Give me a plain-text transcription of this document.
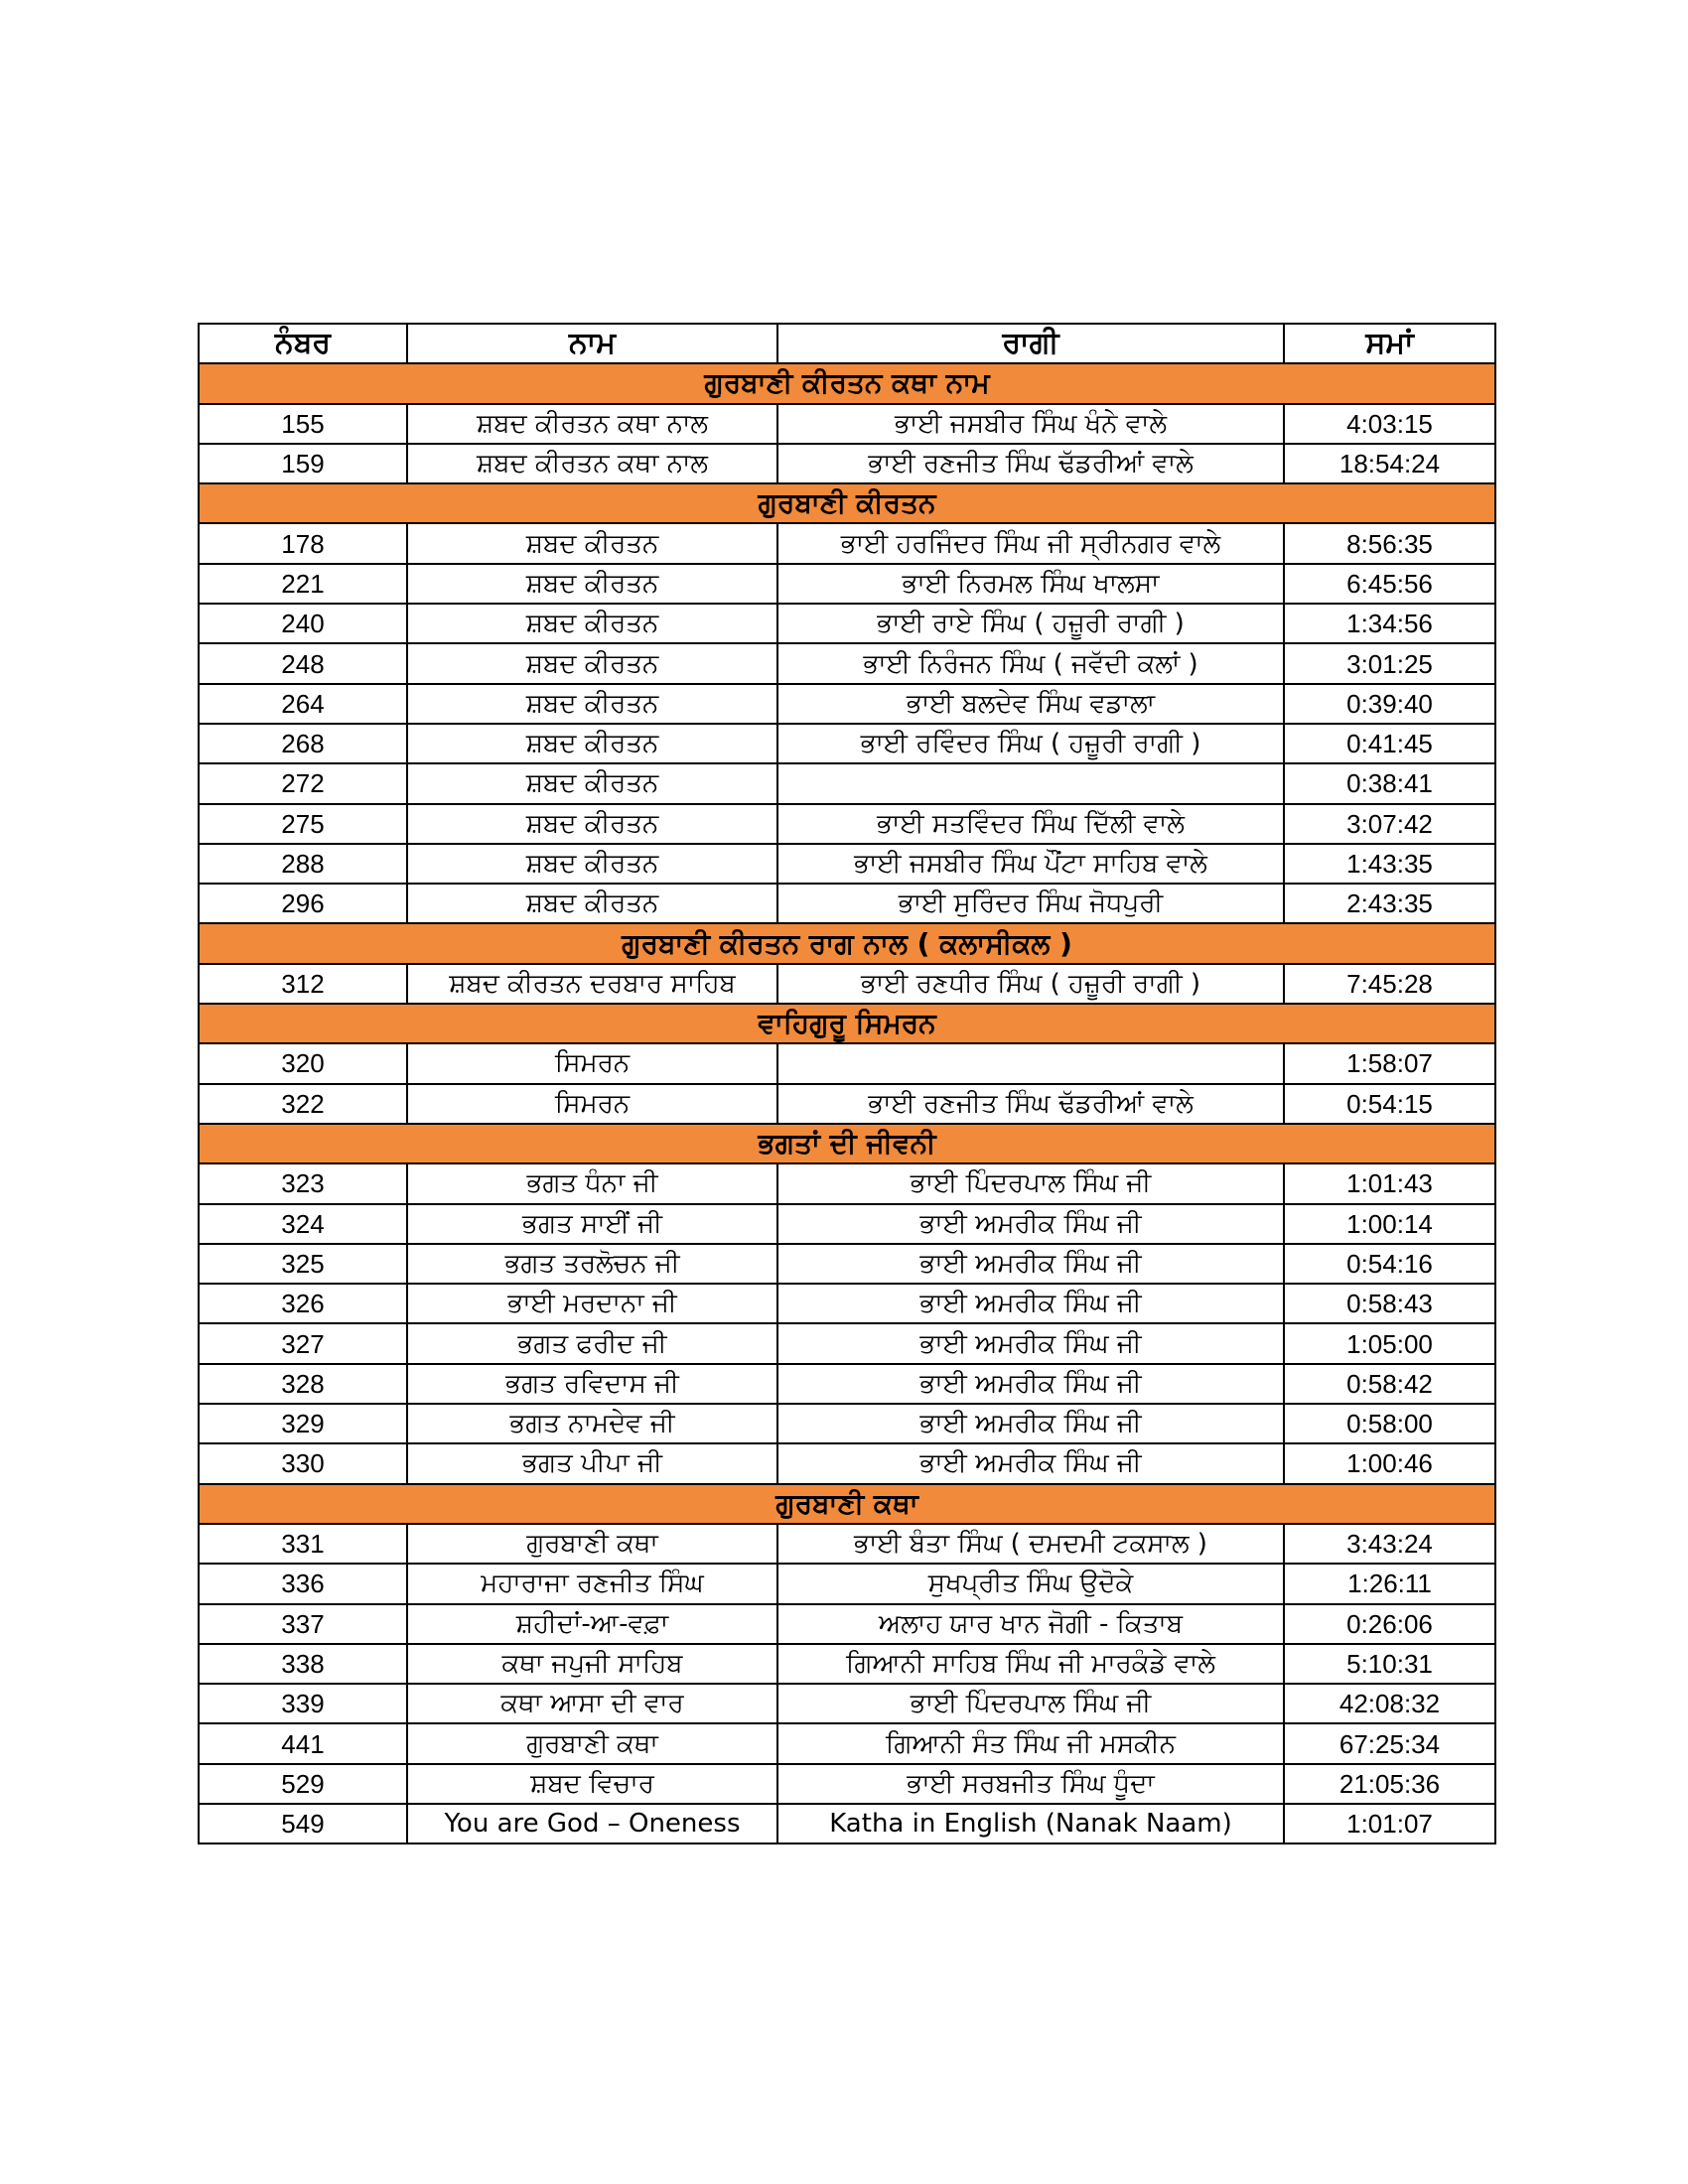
ਨੰਬਰ	ਨਾਮ	ਰਾਗੀ	ਸਮਾਂ
ਗੁਰਬਾਣੀ ਕੀਰਤਨ ਕਥਾ ਨਾਮ			
155	ਸ਼ਬਦ ਕੀਰਤਨ ਕਥਾ ਨਾਲ	ਭਾਈ ਜਸਬੀਰ ਸਿੰਘ ਖੰਨੇ ਵਾਲੇ	4:03:15
159	ਸ਼ਬਦ ਕੀਰਤਨ ਕਥਾ ਨਾਲ	ਭਾਈ ਰਣਜੀਤ ਸਿੰਘ ਢੱਡਰੀਆਂ ਵਾਲੇ	18:54:24
ਗੁਰਬਾਣੀ ਕੀਰਤਨ			
178	ਸ਼ਬਦ ਕੀਰਤਨ	ਭਾਈ ਹਰਜਿੰਦਰ ਸਿੰਘ ਜੀ ਸ੍ਰੀਨਗਰ ਵਾਲੇ	8:56:35
221	ਸ਼ਬਦ ਕੀਰਤਨ	ਭਾਈ ਨਿਰਮਲ ਸਿੰਘ ਖਾਲਸਾ	6:45:56
240	ਸ਼ਬਦ ਕੀਰਤਨ	ਭਾਈ ਰਾਏ ਸਿੰਘ ( ਹਜ਼ੂਰੀ ਰਾਗੀ )	1:34:56
248	ਸ਼ਬਦ ਕੀਰਤਨ	ਭਾਈ ਨਿਰੰਜਨ ਸਿੰਘ ( ਜਵੱਦੀ ਕਲਾਂ )	3:01:25
264	ਸ਼ਬਦ ਕੀਰਤਨ	ਭਾਈ ਬਲਦੇਵ ਸਿੰਘ ਵਡਾਲਾ	0:39:40
268	ਸ਼ਬਦ ਕੀਰਤਨ	ਭਾਈ ਰਵਿੰਦਰ ਸਿੰਘ ( ਹਜ਼ੂਰੀ ਰਾਗੀ )	0:41:45
272	ਸ਼ਬਦ ਕੀਰਤਨ		0:38:41
275	ਸ਼ਬਦ ਕੀਰਤਨ	ਭਾਈ ਸਤਵਿੰਦਰ ਸਿੰਘ ਦਿੱਲੀ ਵਾਲੇ	3:07:42
288	ਸ਼ਬਦ ਕੀਰਤਨ	ਭਾਈ ਜਸਬੀਰ ਸਿੰਘ ਪੌਂਟਾ ਸਾਹਿਬ ਵਾਲੇ	1:43:35
296	ਸ਼ਬਦ ਕੀਰਤਨ	ਭਾਈ ਸੁਰਿੰਦਰ ਸਿੰਘ ਜੋਧਪੁਰੀ	2:43:35
ਗੁਰਬਾਣੀ ਕੀਰਤਨ ਰਾਗ ਨਾਲ ( ਕਲਾਸੀਕਲ )			
312	ਸ਼ਬਦ ਕੀਰਤਨ ਦਰਬਾਰ ਸਾਹਿਬ	ਭਾਈ ਰਣਧੀਰ ਸਿੰਘ ( ਹਜ਼ੂਰੀ ਰਾਗੀ )	7:45:28
ਵਾਹਿਗੁਰੂ ਸਿਮਰਨ			
320	ਸਿਮਰਨ		1:58:07
322	ਸਿਮਰਨ	ਭਾਈ ਰਣਜੀਤ ਸਿੰਘ ਢੱਡਰੀਆਂ ਵਾਲੇ	0:54:15
ਭਗਤਾਂ ਦੀ ਜੀਵਨੀ			
323	ਭਗਤ ਧੰਨਾ ਜੀ	ਭਾਈ ਪਿੰਦਰਪਾਲ ਸਿੰਘ ਜੀ	1:01:43
324	ਭਗਤ ਸਾਈਂ ਜੀ	ਭਾਈ ਅਮਰੀਕ ਸਿੰਘ ਜੀ	1:00:14
325	ਭਗਤ ਤਰਲੋਚਨ ਜੀ	ਭਾਈ ਅਮਰੀਕ ਸਿੰਘ ਜੀ	0:54:16
326	ਭਾਈ ਮਰਦਾਨਾ ਜੀ	ਭਾਈ ਅਮਰੀਕ ਸਿੰਘ ਜੀ	0:58:43
327	ਭਗਤ ਫਰੀਦ ਜੀ	ਭਾਈ ਅਮਰੀਕ ਸਿੰਘ ਜੀ	1:05:00
328	ਭਗਤ ਰਵਿਦਾਸ ਜੀ	ਭਾਈ ਅਮਰੀਕ ਸਿੰਘ ਜੀ	0:58:42
329	ਭਗਤ ਨਾਮਦੇਵ ਜੀ	ਭਾਈ ਅਮਰੀਕ ਸਿੰਘ ਜੀ	0:58:00
330	ਭਗਤ ਪੀਪਾ ਜੀ	ਭਾਈ ਅਮਰੀਕ ਸਿੰਘ ਜੀ	1:00:46
ਗੁਰਬਾਣੀ ਕਥਾ			
331	ਗੁਰਬਾਣੀ ਕਥਾ	ਭਾਈ ਬੰਤਾ ਸਿੰਘ ( ਦਮਦਮੀ ਟਕਸਾਲ )	3:43:24
336	ਮਹਾਰਾਜਾ ਰਣਜੀਤ ਸਿੰਘ	ਸੁਖਪ੍ਰੀਤ ਸਿੰਘ ਉਦੋਕੇ	1:26:11
337	ਸ਼ਹੀਦਾਂ-ਆ-ਵਫ਼ਾ	ਅਲਾਹ ਯਾਰ ਖਾਨ ਜੋਗੀ - ਕਿਤਾਬ	0:26:06
338	ਕਥਾ ਜਪੁਜੀ ਸਾਹਿਬ	ਗਿਆਨੀ ਸਾਹਿਬ ਸਿੰਘ ਜੀ ਮਾਰਕੰਡੇ ਵਾਲੇ	5:10:31
339	ਕਥਾ ਆਸਾ ਦੀ ਵਾਰ	ਭਾਈ ਪਿੰਦਰਪਾਲ ਸਿੰਘ ਜੀ	42:08:32
441	ਗੁਰਬਾਣੀ ਕਥਾ	ਗਿਆਨੀ ਸੰਤ ਸਿੰਘ ਜੀ ਮਸਕੀਨ	67:25:34
529	ਸ਼ਬਦ ਵਿਚਾਰ	ਭਾਈ ਸਰਬਜੀਤ ਸਿੰਘ ਧੂੰਦਾ	21:05:36
549	You are God – Oneness	Katha in English (Nanak Naam)	1:01:07
